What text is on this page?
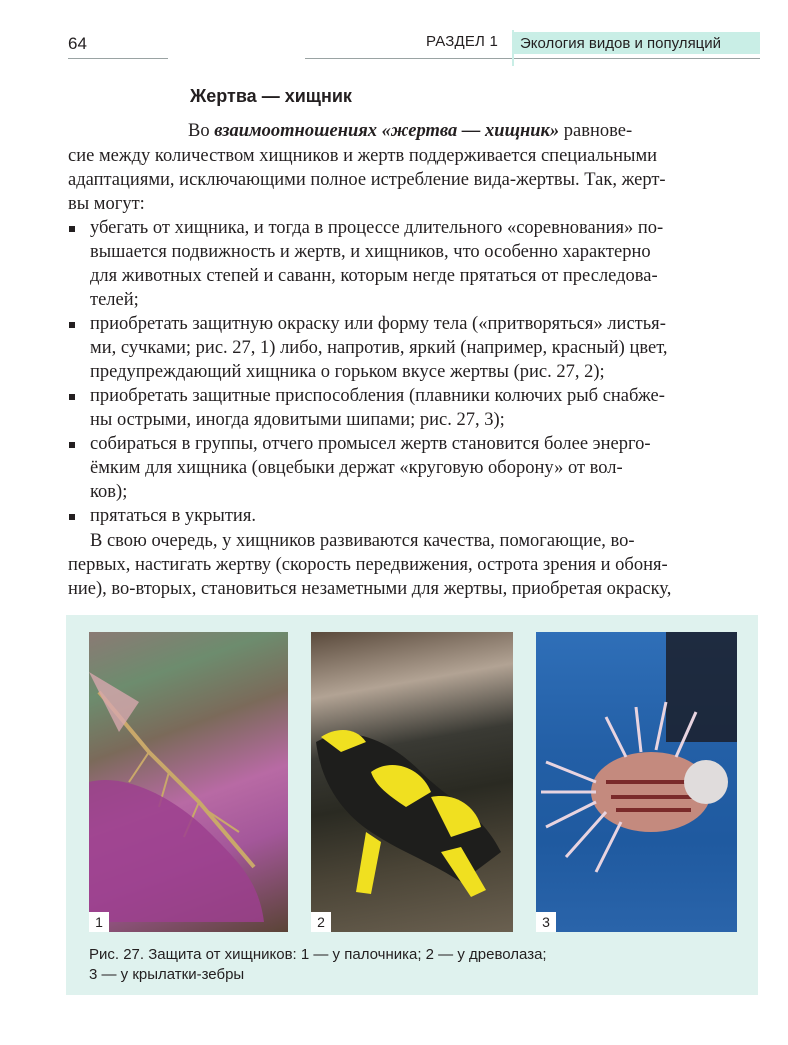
64	РАЗДЕЛ 1 Экология видов и популяций
Жертва — хищник
Во взаимоотношениях «жертва — хищник» равнове-
сие между количеством хищников и жертв поддерживается специальными
адаптациями, исключающими полное истребление вида-жертвы. Так, жерт-
вы могут:
убегать от хищника, и тогда в процессе длительного «соревнования» по-
вышается подвижность и жертв, и хищников, что особенно характерно
для животных степей и саванн, которым негде прятаться от преследова-
телей;
приобретать защитную окраску или форму тела («притворяться» листья-
ми, сучками; рис. 27, 1) либо, напротив, яркий (например, красный) цвет,
предупреждающий хищника о горьком вкусе жертвы (рис. 27, 2);
приобретать защитные приспособления (плавники колючих рыб снабже-
ны острыми, иногда ядовитыми шипами; рис. 27, 3);
собираться в группы, отчего промысел жертв становится более энерго-
ёмким для хищника (овцебыки держат «круговую оборону» от вол-
ков);
прятаться в укрытия.
В свою очередь, у хищников развиваются качества, помогающие, во-
первых, настигать жертву (скорость передвижения, острота зрения и обоня-
ние), во-вторых, становиться незаметными для жертвы, приобретая окраску,
1	2	3
Рис. 27. Защита от хищников: 1 — у палочника; 2 — у древолаза;
3 — у крылатки-зебры
